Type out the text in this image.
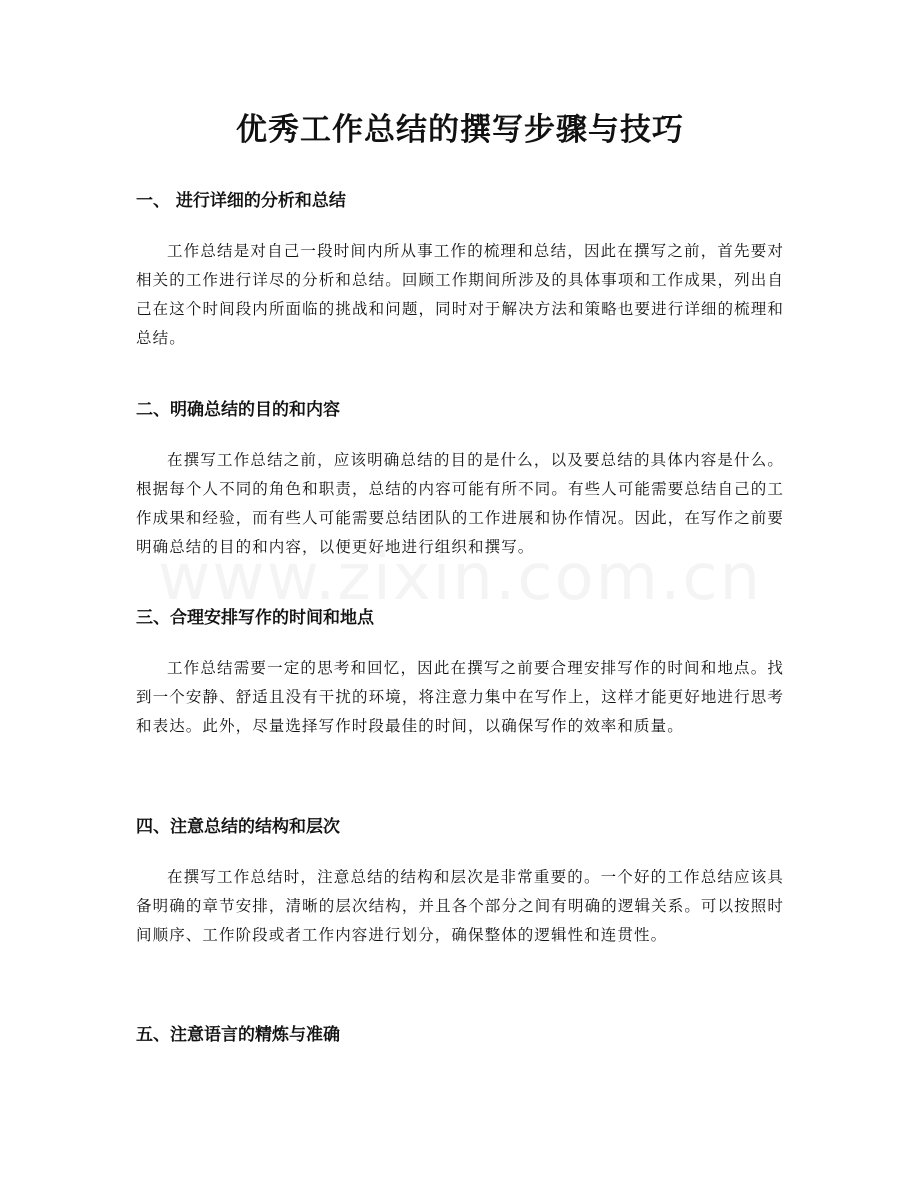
优秀工作总结的撰写步骤与技巧
一、 进行详细的分析和总结

工作总结是对自己一段时间内所从事工作的梳理和总结，因此在撰写之前，首先要对相关的工作进行详尽的分析和总结。回顾工作期间所涉及的具体事项和工作成果，列出自己在这个时间段内所面临的挑战和问题，同时对于解决方法和策略也要进行详细的梳理和总结。

二、明确总结的目的和内容

在撰写工作总结之前，应该明确总结的目的是什么，以及要总结的具体内容是什么。根据每个人不同的角色和职责，总结的内容可能有所不同。有些人可能需要总结自己的工作成果和经验，而有些人可能需要总结团队的工作进展和协作情况。因此，在写作之前要明确总结的目的和内容，以便更好地进行组织和撰写。

三、合理安排写作的时间和地点

工作总结需要一定的思考和回忆，因此在撰写之前要合理安排写作的时间和地点。找到一个安静、舒适且没有干扰的环境，将注意力集中在写作上，这样才能更好地进行思考和表达。此外，尽量选择写作时段最佳的时间，以确保写作的效率和质量。

四、注意总结的结构和层次

在撰写工作总结时，注意总结的结构和层次是非常重要的。一个好的工作总结应该具备明确的章节安排，清晰的层次结构，并且各个部分之间有明确的逻辑关系。可以按照时间顺序、工作阶段或者工作内容进行划分，确保整体的逻辑性和连贯性。

五、注意语言的精炼与准确
